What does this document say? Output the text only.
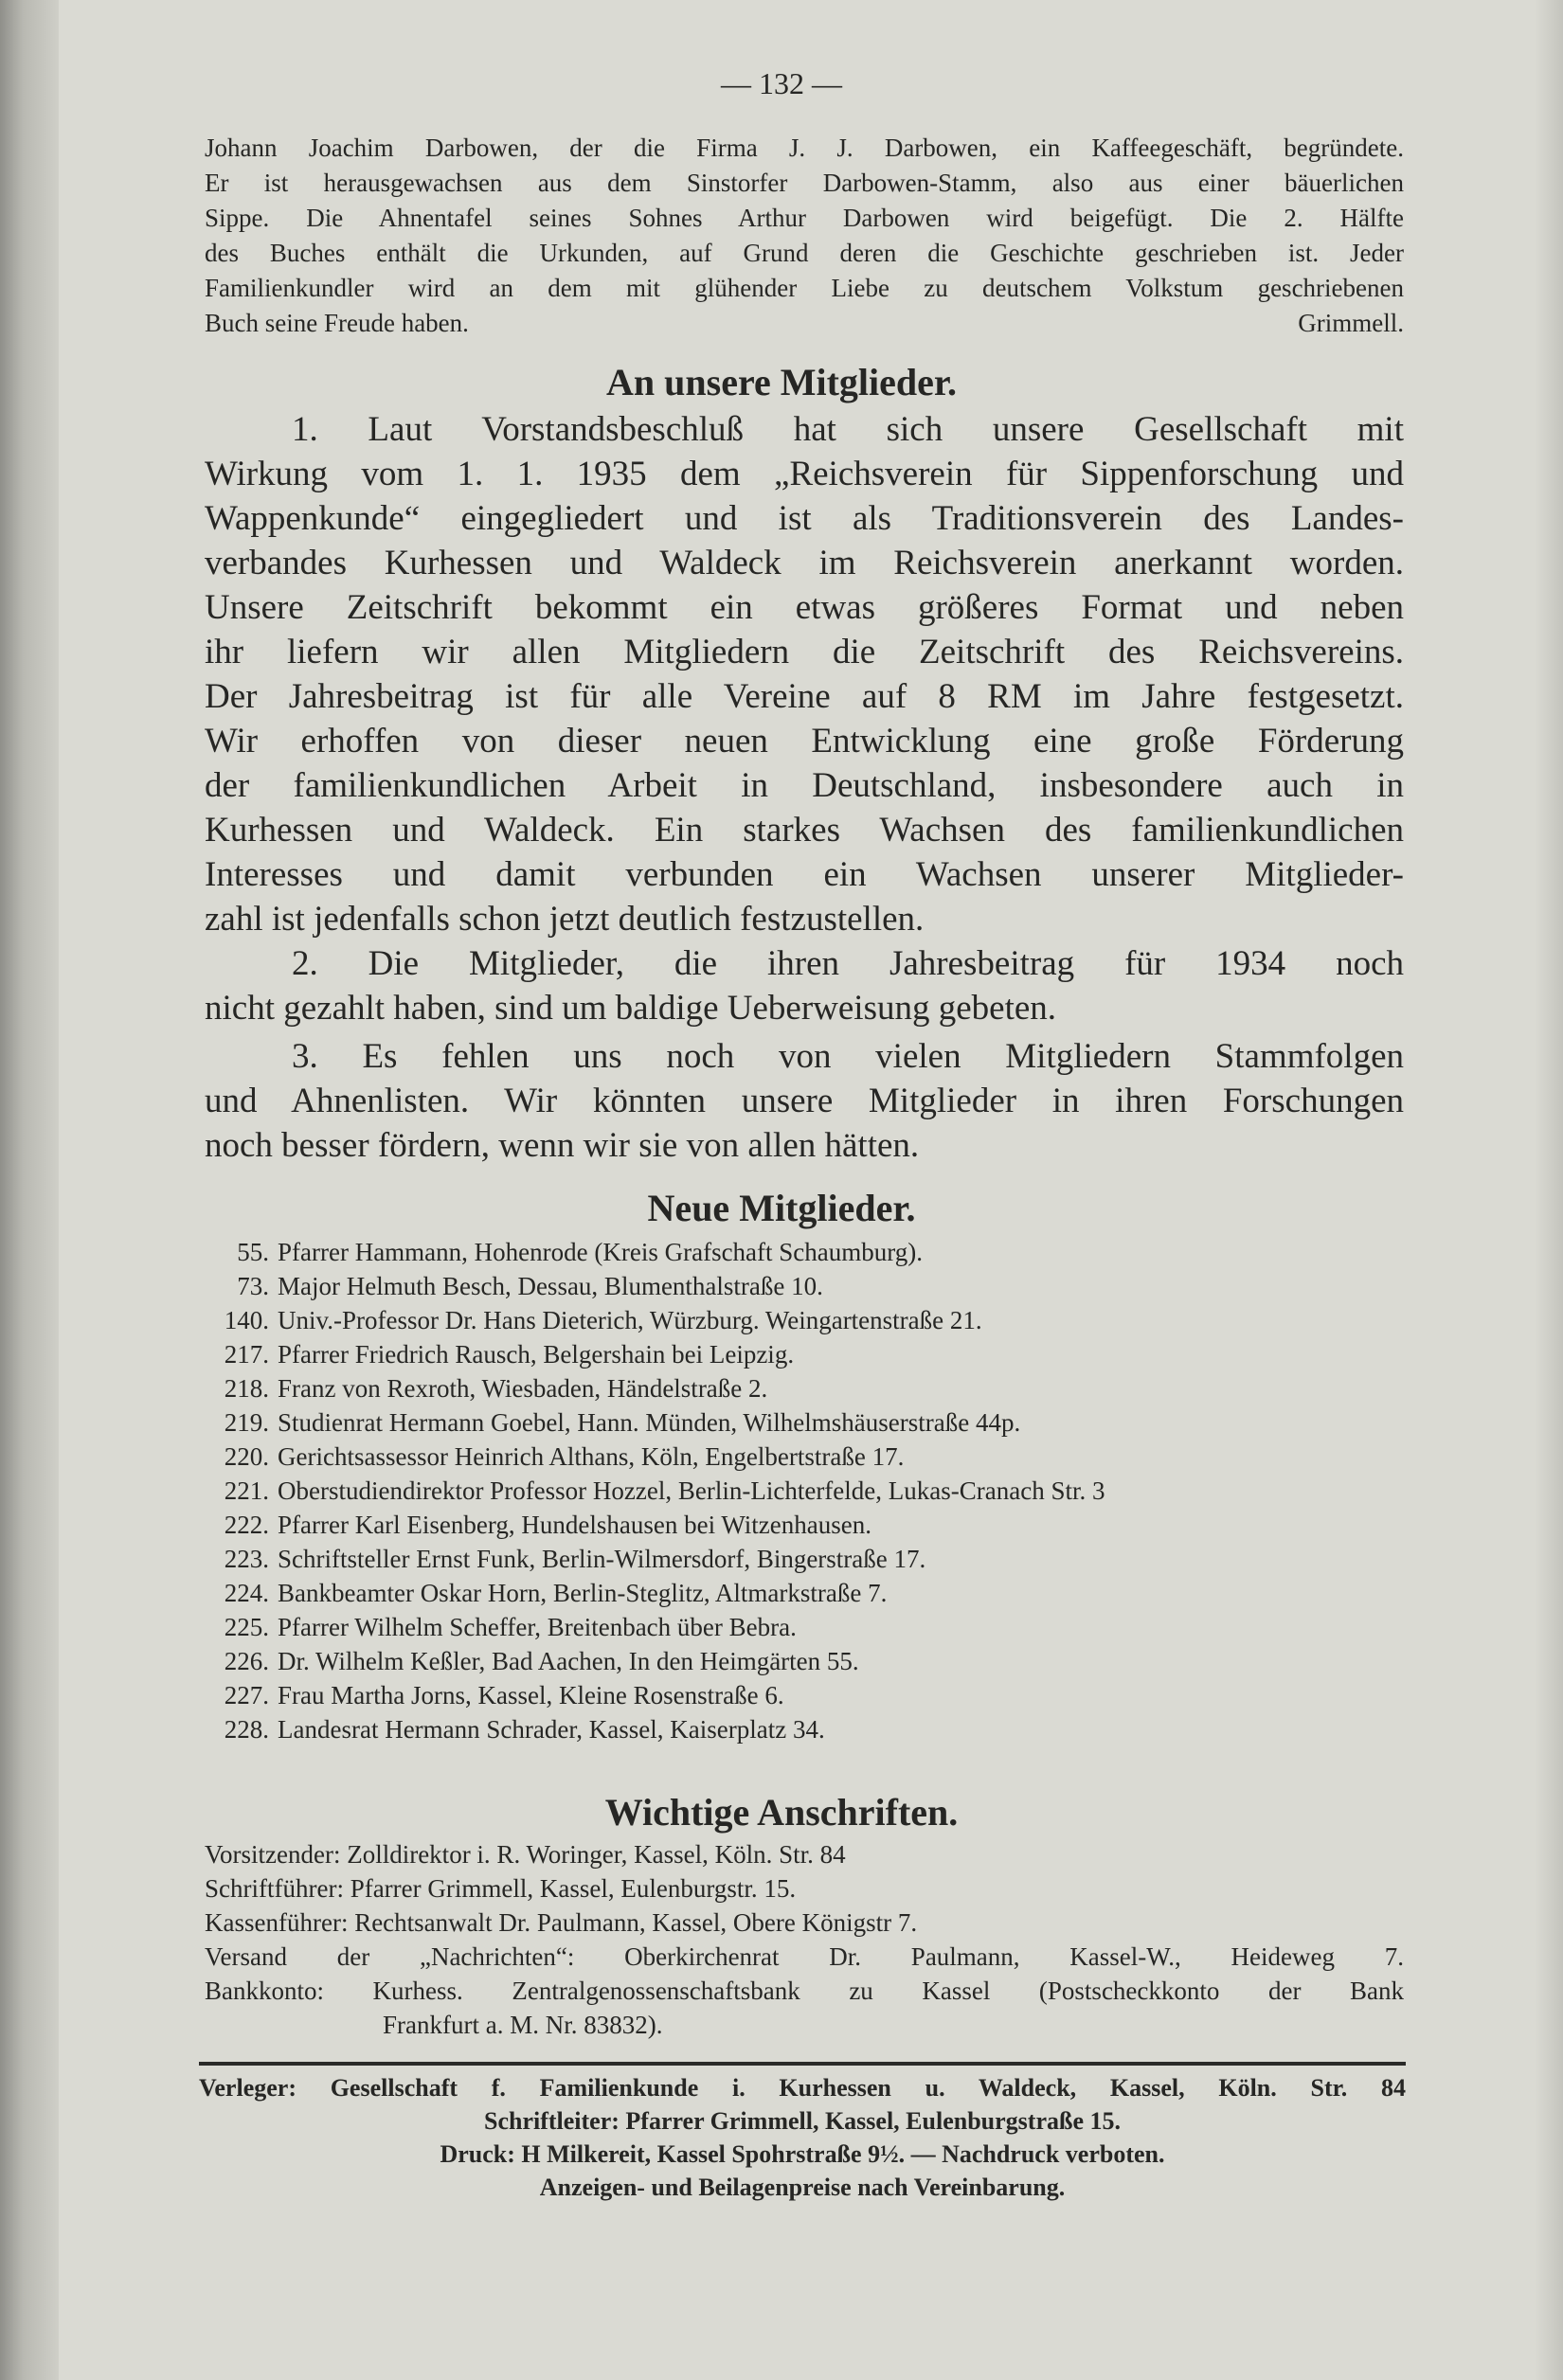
— 132 —
Johann Joachim Darbowen, der die Firma J. J. Darbowen, ein Kaffeegeschäft, begründete.
Er ist herausgewachsen aus dem Sinstorfer Darbowen-Stamm, also aus einer bäuerlichen
Sippe. Die Ahnentafel seines Sohnes Arthur Darbowen wird beigefügt. Die 2. Hälfte
des Buches enthält die Urkunden, auf Grund deren die Geschichte geschrieben ist. Jeder
Familienkundler wird an dem mit glühender Liebe zu deutschem Volkstum geschriebenen
Buch seine Freude haben.	Grimmell.
An unsere Mitglieder.
1. Laut Vorstandsbeschluß hat sich unsere Gesellschaft mit
Wirkung vom 1. 1. 1935 dem „Reichsverein für Sippenforschung und
Wappenkunde“ eingegliedert und ist als Traditionsverein des Landes-
verbandes Kurhessen und Waldeck im Reichsverein anerkannt worden.
Unsere Zeitschrift bekommt ein etwas größeres Format und neben
ihr liefern wir allen Mitgliedern die Zeitschrift des Reichsvereins.
Der Jahresbeitrag ist für alle Vereine auf 8 RM im Jahre festgesetzt.
Wir erhoffen von dieser neuen Entwicklung eine große Förderung
der familienkundlichen Arbeit in Deutschland, insbesondere auch in
Kurhessen und Waldeck. Ein starkes Wachsen des familienkundlichen
Interesses und damit verbunden ein Wachsen unserer Mitglieder-
zahl ist jedenfalls schon jetzt deutlich festzustellen.
2. Die Mitglieder, die ihren Jahresbeitrag für 1934 noch
nicht gezahlt haben, sind um baldige Ueberweisung gebeten.
3. Es fehlen uns noch von vielen Mitgliedern Stammfolgen
und Ahnenlisten. Wir könnten unsere Mitglieder in ihren Forschungen
noch besser fördern, wenn wir sie von allen hätten.
Neue Mitglieder.
55. Pfarrer Hammann, Hohenrode (Kreis Grafschaft Schaumburg).
73. Major Helmuth Besch, Dessau, Blumenthalstraße 10.
140. Univ.-Professor Dr. Hans Dieterich, Würzburg. Weingartenstraße 21.
217. Pfarrer Friedrich Rausch, Belgershain bei Leipzig.
218. Franz von Rexroth, Wiesbaden, Händelstraße 2.
219. Studienrat Hermann Goebel, Hann. Münden, Wilhelmshäuserstraße 44p.
220. Gerichtsassessor Heinrich Althans, Köln, Engelbertstraße 17.
221. Oberstudiendirektor Professor Hozzel, Berlin-Lichterfelde, Lukas-Cranach Str. 3
222. Pfarrer Karl Eisenberg, Hundelshausen bei Witzenhausen.
223. Schriftsteller Ernst Funk, Berlin-Wilmersdorf, Bingerstraße 17.
224. Bankbeamter Oskar Horn, Berlin-Steglitz, Altmarkstraße 7.
225. Pfarrer Wilhelm Scheffer, Breitenbach über Bebra.
226. Dr. Wilhelm Keßler, Bad Aachen, In den Heimgärten 55.
227. Frau Martha Jorns, Kassel, Kleine Rosenstraße 6.
228. Landesrat Hermann Schrader, Kassel, Kaiserplatz 34.
Wichtige Anschriften.
Vorsitzender: Zolldirektor i. R. Woringer, Kassel, Köln. Str. 84
Schriftführer: Pfarrer Grimmell, Kassel, Eulenburgstr. 15.
Kassenführer: Rechtsanwalt Dr. Paulmann, Kassel, Obere Königstr 7.
Versand der „Nachrichten“: Oberkirchenrat Dr. Paulmann, Kassel-W., Heideweg 7.
Bankkonto: Kurhess. Zentralgenossenschaftsbank zu Kassel (Postscheckkonto der Bank
Frankfurt a. M. Nr. 83832).
Verleger: Gesellschaft f. Familienkunde i. Kurhessen u. Waldeck, Kassel, Köln. Str. 84
Schriftleiter: Pfarrer Grimmell, Kassel, Eulenburgstraße 15.
Druck: H Milkereit, Kassel Spohrstraße 9½. — Nachdruck verboten.
Anzeigen- und Beilagenpreise nach Vereinbarung.
